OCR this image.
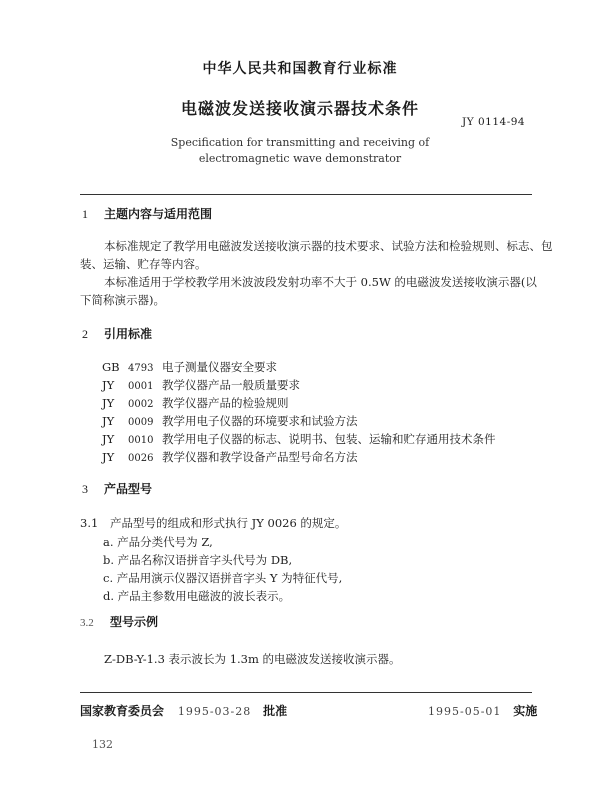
中华人民共和国教育行业标准
电磁波发送接收演示器技术条件
JY 0114-94
Specification for transmitting and receiving of
electromagnetic wave demonstrator
1 主题内容与适用范围
本标准规定了教学用电磁波发送接收演示器的技术要求、试验方法和检验规则、标志、包
装、运输、贮存等内容。
本标准适用于学校教学用米波波段发射功率不大于 0.5W 的电磁波发送接收演示器(以
下简称演示器)。
2 引用标准
GB 4793 电子测量仪器安全要求
JY 0001 教学仪器产品一般质量要求
JY 0002 教学仪器产品的检验规则
JY 0009 教学用电子仪器的环境要求和试验方法
JY 0010 教学用电子仪器的标志、说明书、包装、运输和贮存通用技术条件
JY 0026 教学仪器和教学设备产品型号命名方法
3 产品型号
3.1 产品型号的组成和形式执行 JY 0026 的规定。
a. 产品分类代号为 Z,
b. 产品名称汉语拼音字头代号为 DB,
c. 产品用演示仪器汉语拼音字头 Y 为特征代号,
d. 产品主参数用电磁波的波长表示。
3.2 型号示例
Z-DB-Y-1.3 表示波长为 1.3m 的电磁波发送接收演示器。
国家教育委员会 1995-03-28 批准	1995-05-01 实施
132
